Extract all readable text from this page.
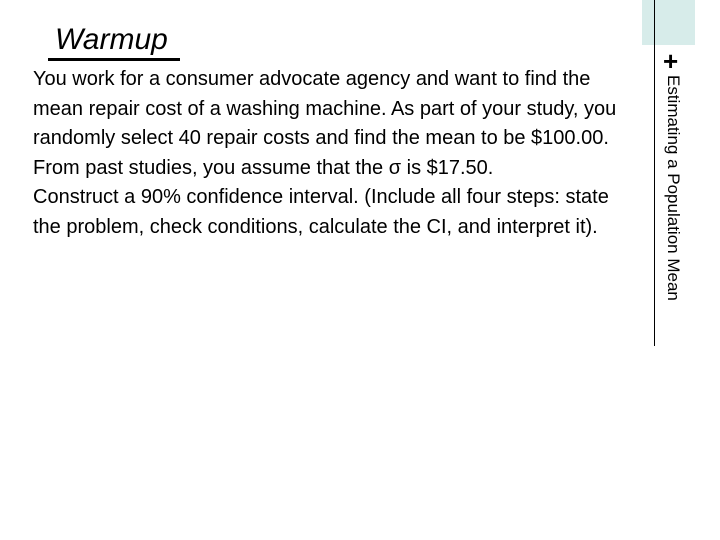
+
Estimating a Population Mean
Warmup

You work for a consumer advocate agency and want to find the mean repair cost of a washing machine. As part of your study, you randomly select 40 repair costs and find the mean to be $100.00. From past studies, you assume that the σ is $17.50.

Construct a 90% confidence interval. (Include all four steps: state the problem, check conditions, calculate the CI, and interpret it).
